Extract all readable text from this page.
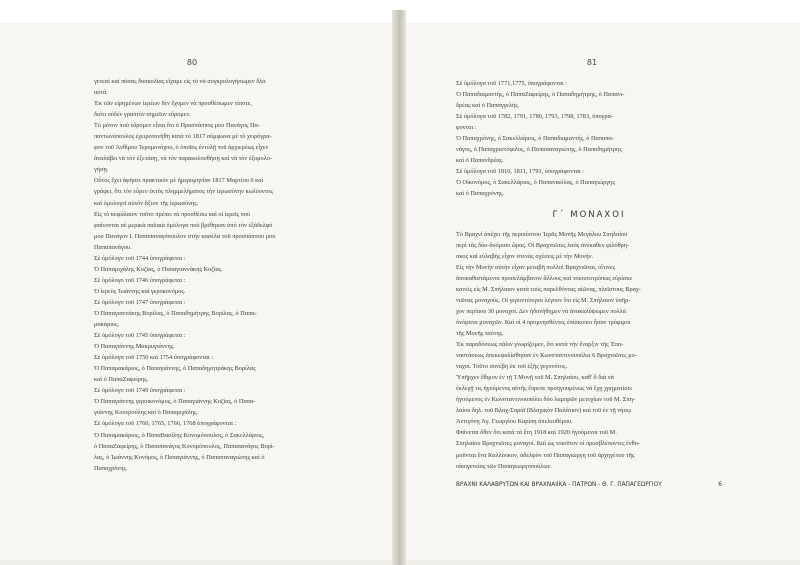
80
γενεαὶ καὶ πόσας δυσκολίας εἴχαμε εἰς τὸ νὰ συγκρολογήσωμεν δλα
αὐτά.
Ἐκ τῶν εἰρημένων ἱερέων δὲν ἔχομεν νὰ προσθέσωμεν τίποτε,
διότι οὐδὲν γραπτὸν σημεῖον εὕρομεν.
Τὸ μόνον ποὺ εὕρομεν εἶναι ὅτι ὁ Προσπάππος μου Πανάγος Πα-
παντωνόπουλος ἐχειροτονήθη κατὰ τὸ 1817 σύμφωνα μὲ τὸ χειρόγρα-
φον τοῦ Ἀνθίμου Ἱερομονάχου, ὁ ὁποῖος ἐντολῇ τοῦ ἀρχιερέως εἶχεν
ἀναλάβει νὰ τὸν ἐξετάσῃ, νὰ τὸν παρακολουθήσῃ καὶ νὰ τὸν ἐξομολο-
γήσῃ.
Οὗτος ἔχει ἀφήσει πρακτικὸν μὲ ἡμερομηνίαν 1817 Μαρτίου 6 καὶ
γράφει, ὅτι τὸν εὗρεν ἐκτὸς πλημμελήματος τὴν ἱερωσύνην κωλύοντος
καὶ ὁμολογεῖ αὐτὸν ἄξιον τῆς ἱερωσύνης.
Εἰς τὸ κεφάλαιον τοῦτο πρέπει νὰ προσθέσω καὶ οἱ ἱερεῖς ποὺ
φαίνονται σὲ μερικὰ παλαιὰ ὁμόλογα ποὺ βρέθηκαν ἀπὸ τὸν ἐξάδελφό
μου Πανάγον Ι. Παπαπαναγόπουλον στὴν κασέλα τοῦ προσπάππου μου
Παπαπανάγου.
Σὲ ὁμόλογο τοῦ 1744 ὑπογράφεται :
Ὁ Παπαμιχάλης Κοζίας, ὁ Παπαγιαννάκης Κοζίας.
Σὲ ὁμόλογο τοῦ 1746 ὑπογράφεται :
Ὁ ἱερεὺς Ἰωάννης καὶ γεροκονόμος.
Σὲ ὁμόλογο τοῦ 1747 ὑπογράφεται :
Ὁ Παπαγιαννάκης Βορίλας, ὁ Παπαδημήτρης Βορίλας, ὁ Παπα-
μακάριος.
Σὲ ὁμόλογο τοῦ 1745 ὑπογράφεται :
Ὁ Παπαγιάννης Μακρυγιάννης.
Σὲ ὁμόλογα τοῦ 1750 καὶ 1754 ὑπογράφονται :
Ὁ Παπαμακάριος, ὁ Παπαγιάννης, ὁ Παπαδημητράκης Βορίλας
καὶ ὁ ΠαπαΖαφείρης.
Σὲ ὁμόλογο τοῦ 1749 ὑπογράφεται :
Ὁ Παπαγιάννης γεροικονόμος, ὁ Παπαγιάννης Κοζίας, ὁ Παπα-
γιάννης Κουτρούλης καὶ ὁ Παπαμιχάλης.
Σὲ ὁμόλογα τοῦ 1760, 1765, 1766, 1768 ὑπογράφονται :
Ὁ Παπαμακάριος, ὁ ΠαπαΒασίλης Κονομόπουλος, ὁ Σακελλάριος,
ὁ ΠαπαΖαφείρης, ὁ Παπαπανάγος Κονομόπουλος, Παπαπανάγος Βορί-
λας, ὁ Ἰωάννης Κονόμος, ὁ Παπαγιάννης, ὁ Παπαπαναγιώτης καὶ ὁ
Παπαχρόνης.
81
Σὲ ὁμόλογα τοῦ 1771,1775, ὑπογράφονται :
Ὁ Παπαδιαμαντής, ὁ ΠαπαΖαφείρης, ὁ Παπαδημήτρης, ὁ Παπανι-
δρέας καὶ ὁ Παπαγγελής.
Σὲ ὁμόλογα τοῦ 1782, 1791, 1780, 1793, 1798, 1783, ὑπογρά-
φονται :
Ὁ Παπαχρόνης, ὁ Σακελλάριος, ὁ Παπαδιαμαντής, ὁ Παπαπα-
νάγος, ὁ Παπαχριστόφιλος, ὁ Παπαπαναγιώτης, ὁ Παπαδημήτρης
καὶ ὁ Παπανδρέας.
Σὲ ὁμόλογα τοῦ 1810, 1811, 1791, ὑπογράφονται :
Ὁ Οἰκονόμος, ὁ Σακελλάριος, ὁ Παπανικόλας, ὁ Παπαγιώργης
καὶ ὁ Παπαχρόνης.
Γ΄ ΜΟΝΑΧΟΙ
Τὸ Βραχνὶ ἀπέχει τῆς περιπύστου Ἱερᾶς Μονῆς Μεγάλου Σπηλαίου
περὶ τὰς δύο-δυόμισυ ὥρας. Οἱ Βραχνιῶτες λαὸς ἀνέκαθεν φιλόθρη-
σκος καὶ εὐλαβὴς εἶχον στενὰς σχέσεις μὲ τὴν Μονήν.
Εἰς τὴν Μονὴν αὐτὴν εἶχαν μεταβῆ πολλοὶ Βραχνιῶται, οἵτινες
ἀποκαθιστάμενοι προσελάμβανον ἄλλους καὶ τοιουτοτρόπως εὑρίσκε
κανεὶς εἰς Μ. Σπήλαιον κατὰ τοὺς παρελθόντας αἰῶνας, πλεῖστους Βραχ-
νιῶτας μοναχούς. Οἱ γεροντότεροι λέγουν ὅτι εἰς Μ. Σπήλαιον ὑπῆρ-
χον περίπου 30 μοναχοί. Δὲν ἠδυνήθημεν νὰ ἀνακαλύψωμεν πολλὰ
ὀνόματα μοναχῶν. Καὶ οἱ 4 προμνησθέντες ἐπίσκοποι ἦσαν τρόφιμοι
τῆς Μονῆς ταύτης.
Ἐκ παραδόσεως πάλιν γνωρίζομεν, ὅτι κατὰ τὴν ἔναρξιν τῆς Ἐπα-
ναστάσεως ἀπεκεφαλίσθησαν ἐν Κωνσταντινουπόλει 6 Βραχνιῶτες μο-
ναχοί. Τοῦτο συνέβη ἐκ τοῦ ἑξῆς γεγονότος.
Ὑπῆρχεν ἔθιμον ἐν τῇ Ἱ Μονῇ τοῦ Μ. Σπηλαίου, καθ' ὃ διὰ νὰ
ἐκλεγῇ τις ἡγούμενος αὐτῆς ἔπρεπε προηγουμένως νὰ ἔχῃ χρηματίσει
ἡγούμενος ἐν Κωνσταντινουπόλει δύο λαμπρῶν μετοχίων τοῦ Μ. Σπη-
λαίου δηλ. τοῦ Βλαχ-Σαρὰϊ (Βλαχικὸν Παλάτιον) καὶ τοῦ ἐν τῇ νήσῳ
Ἀντιγόνῃ Ἁγ. Γεωργίου Καρίπη ἀπελευθέρου.
Φαίνεται ὅθεν ὅτι κατὰ τὰ ἔτη 1918 καὶ 1920 ἡγούμενοι τοῦ Μ.
Σπηλαίου Βραχνιῶτες μοναχοί. Καὶ ὡς τοιοῦτον οἱ προσβλέποντες ἐνθυ-
μοῦνται ἕνα Καλλίνικον, ἀδελφὸν τοῦ Παπαγιώργη τοῦ ἀρχηγέτου τῆς
οἰκογενείας τῶν Παπαγεωργοπούλων.
ΒΡΑΧΝΙ ΚΑΛΑΒΡΥΤΩΝ ΚΑΙ ΒΡΑΧΝΑΙΙΚΑ - ΠΑΤΡΩΝ - Θ. Γ. ΠΑΠΑΓΕΩΡΓΙΟΥ	6
